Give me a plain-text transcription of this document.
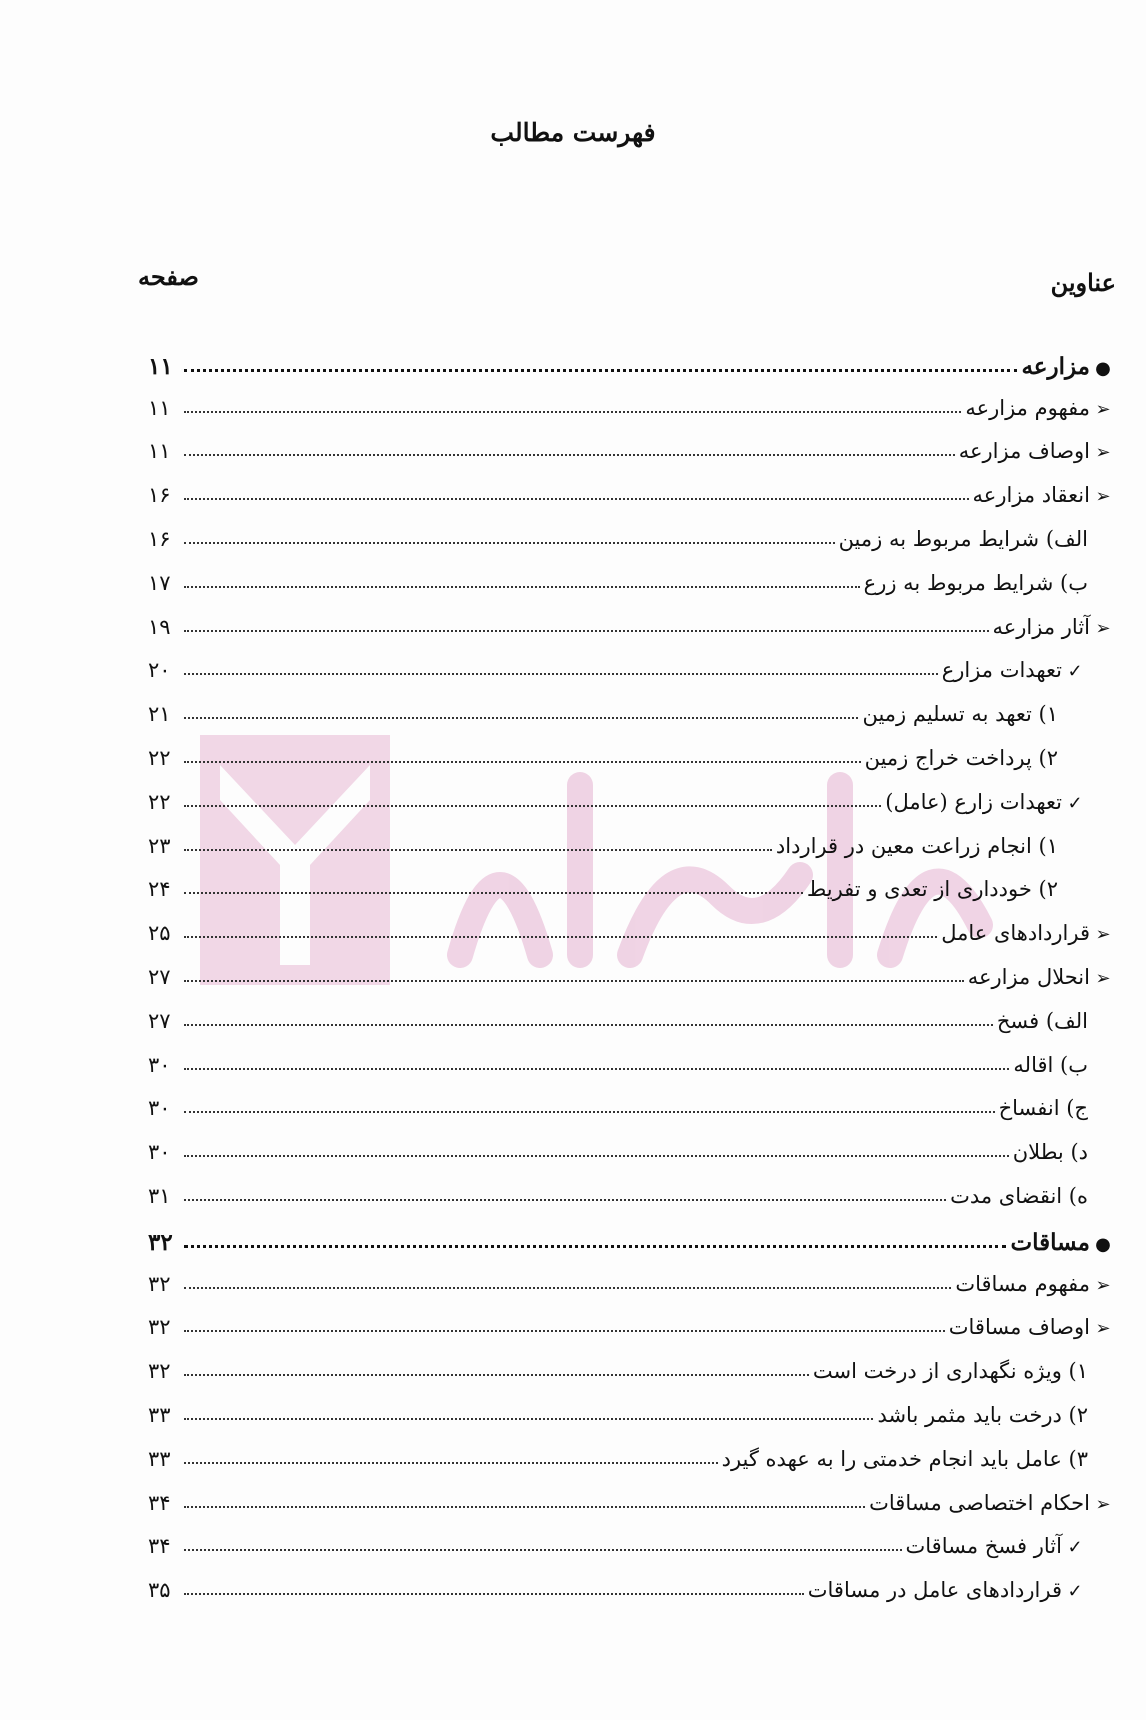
فهرست مطالب
عناوین
صفحه
●
مزارعه
۱۱
➢
مفهوم مزارعه
۱۱
➢
اوصاف مزارعه
۱۱
➢
انعقاد مزارعه
۱۶
الف) شرایط مربوط به زمین
۱۶
ب) شرایط مربوط به زرع
۱۷
➢
آثار مزارعه
۱۹
✓
تعهدات مزارع
۲۰
۱) تعهد به تسلیم زمین
۲۱
۲) پرداخت خراج زمین
۲۲
✓
تعهدات زارع (عامل)
۲۲
۱) انجام زراعت معین در قرارداد
۲۳
۲) خودداری از تعدی و تفریط
۲۴
➢
قراردادهای عامل
۲۵
➢
انحلال مزارعه
۲۷
الف) فسخ
۲۷
ب) اقاله
۳۰
ج) انفساخ
۳۰
د) بطلان
۳۰
ه) انقضای مدت
۳۱
●
مساقات
۳۲
➢
مفهوم مساقات
۳۲
➢
اوصاف مساقات
۳۲
۱) ویژه نگهداری از درخت است
۳۲
۲) درخت باید مثمر باشد
۳۳
۳) عامل باید انجام خدمتی را به عهده گیرد
۳۳
➢
احکام اختصاصی مساقات
۳۴
✓
آثار فسخ مساقات
۳۴
✓
قراردادهای عامل در مساقات
۳۵
